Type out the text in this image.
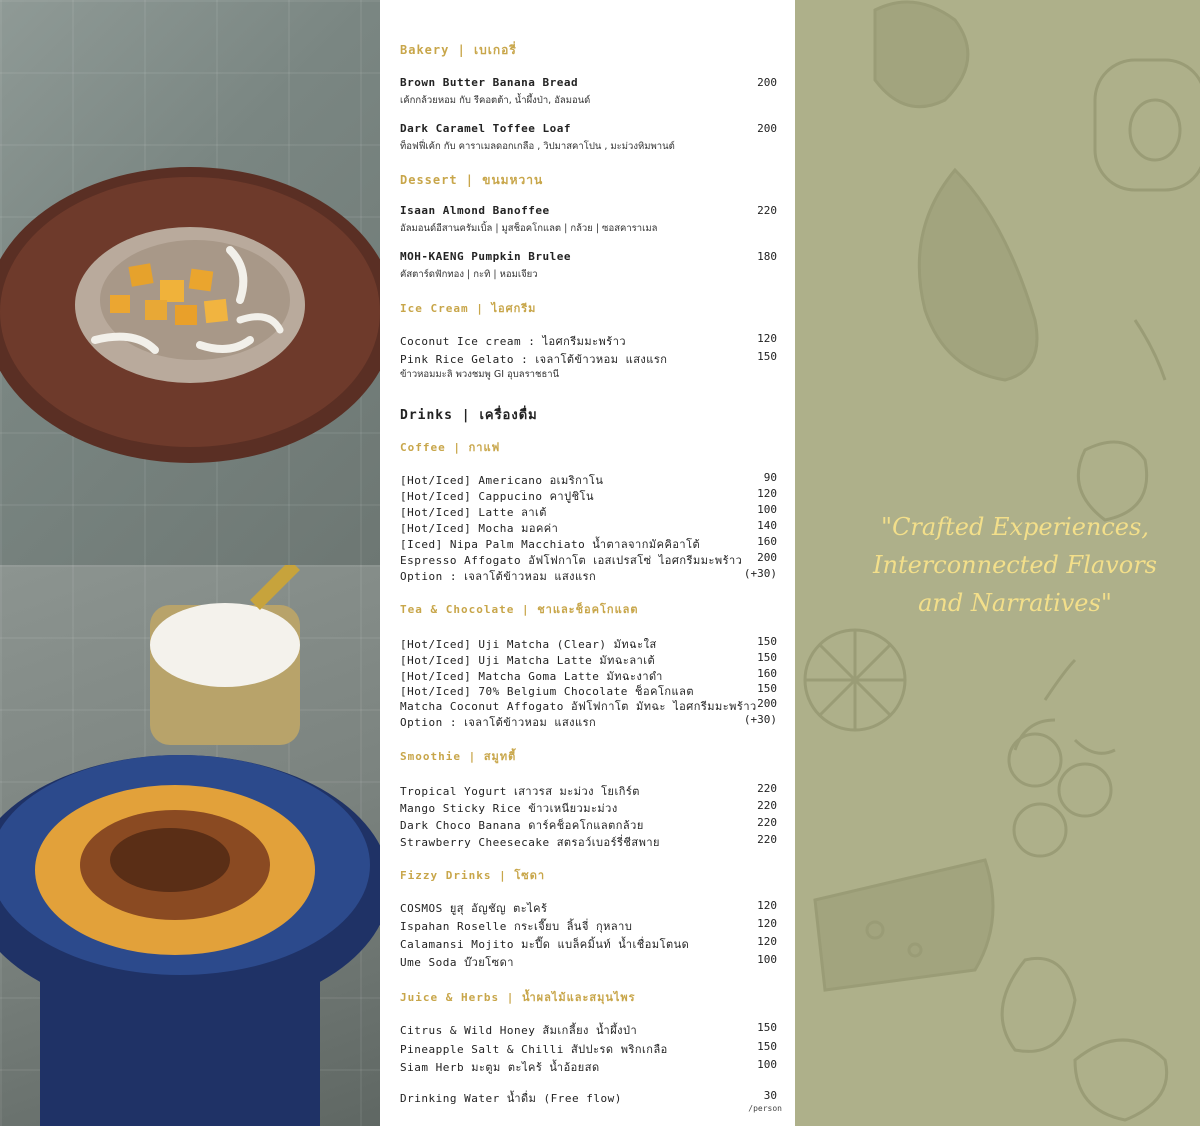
"Crafted Experiences,
Interconnected Flavors
and Narratives"
Bakery | เบเกอรี่
Brown Butter Banana Bread	200
เค้กกล้วยหอม กับ รีคอตต้า, น้ำผึ้งป่า, อัลมอนด์
Dark Caramel Toffee Loaf	200
ท็อฟฟี่เค้ก กับ คาราเมลดอกเกลือ , วิปมาสคาโปน , มะม่วงหิมพานต์
Dessert | ขนมหวาน
Isaan Almond Banoffee	220
อัลมอนด์อีสานครัมเบิ้ล | มูสช็อคโกแลต | กล้วย | ซอสคาราเมล
MOH-KAENG Pumpkin Brulee	180
คัสตาร์ดฟักทอง | กะทิ | หอมเจียว
Ice Cream | ไอศกรีม
Coconut Ice cream : ไอศกรีมมะพร้าว	120
Pink Rice Gelato : เจลาโต้ข้าวหอม แสงแรก	150
ข้าวหอมมะลิ พวงชมพู GI อุบลราชธานี
Drinks | เครื่องดื่ม
Coffee | กาแฟ
[Hot/Iced] Americano อเมริกาโน	90
[Hot/Iced] Cappucino คาปูชิโน	120
[Hot/Iced] Latte ลาเต้	100
[Hot/Iced] Mocha มอคค่า	140
[Iced] Nipa Palm Macchiato น้ำตาลจากมัคคิอาโต้	160
Espresso Affogato อัฟโฟกาโต เอสเปรสโซ่ ไอศกรีมมะพร้าว	200
Option : เจลาโต้ข้าวหอม แสงแรก	(+30)
Tea & Chocolate | ชาและช็อคโกแลต
[Hot/Iced] Uji Matcha (Clear) มัทฉะใส	150
[Hot/Iced] Uji Matcha Latte มัทฉะลาเต้	150
[Hot/Iced] Matcha Goma Latte มัทฉะงาดำ	160
[Hot/Iced] 70% Belgium Chocolate ช็อคโกแลต	150
Matcha Coconut Affogato อัฟโฟกาโต มัทฉะ ไอศกรีมมะพร้าว 200
Option : เจลาโต้ข้าวหอม แสงแรก	(+30)
Smoothie | สมูทตี้
Tropical Yogurt เสาวรส มะม่วง โยเกิร์ต	220
Mango Sticky Rice ข้าวเหนียวมะม่วง	220
Dark Choco Banana ดาร์คช็อคโกแลตกล้วย	220
Strawberry Cheesecake สตรอว์เบอร์รี่ชีสพาย	220
Fizzy Drinks | โซดา
COSMOS ยูสุ อัญชัญ ตะไคร้	120
Ispahan Roselle กระเจี๊ยบ ลิ้นจี่ กุหลาบ	120
Calamansi Mojito มะปี๊ด แบล็คมิ้นท์ น้ำเชื่อมโตนด	120
Ume Soda บ๊วยโซดา	100
Juice & Herbs | น้ำผลไม้และสมุนไพร
Citrus & Wild Honey ส้มเกลี้ยง น้ำผึ้งป่า	150
Pineapple Salt & Chilli สัปปะรด พริกเกลือ	150
Siam Herb มะตูม ตะไคร้ น้ำอ้อยสด	100
Drinking Water น้ำดื่ม (Free flow)	30
/person
